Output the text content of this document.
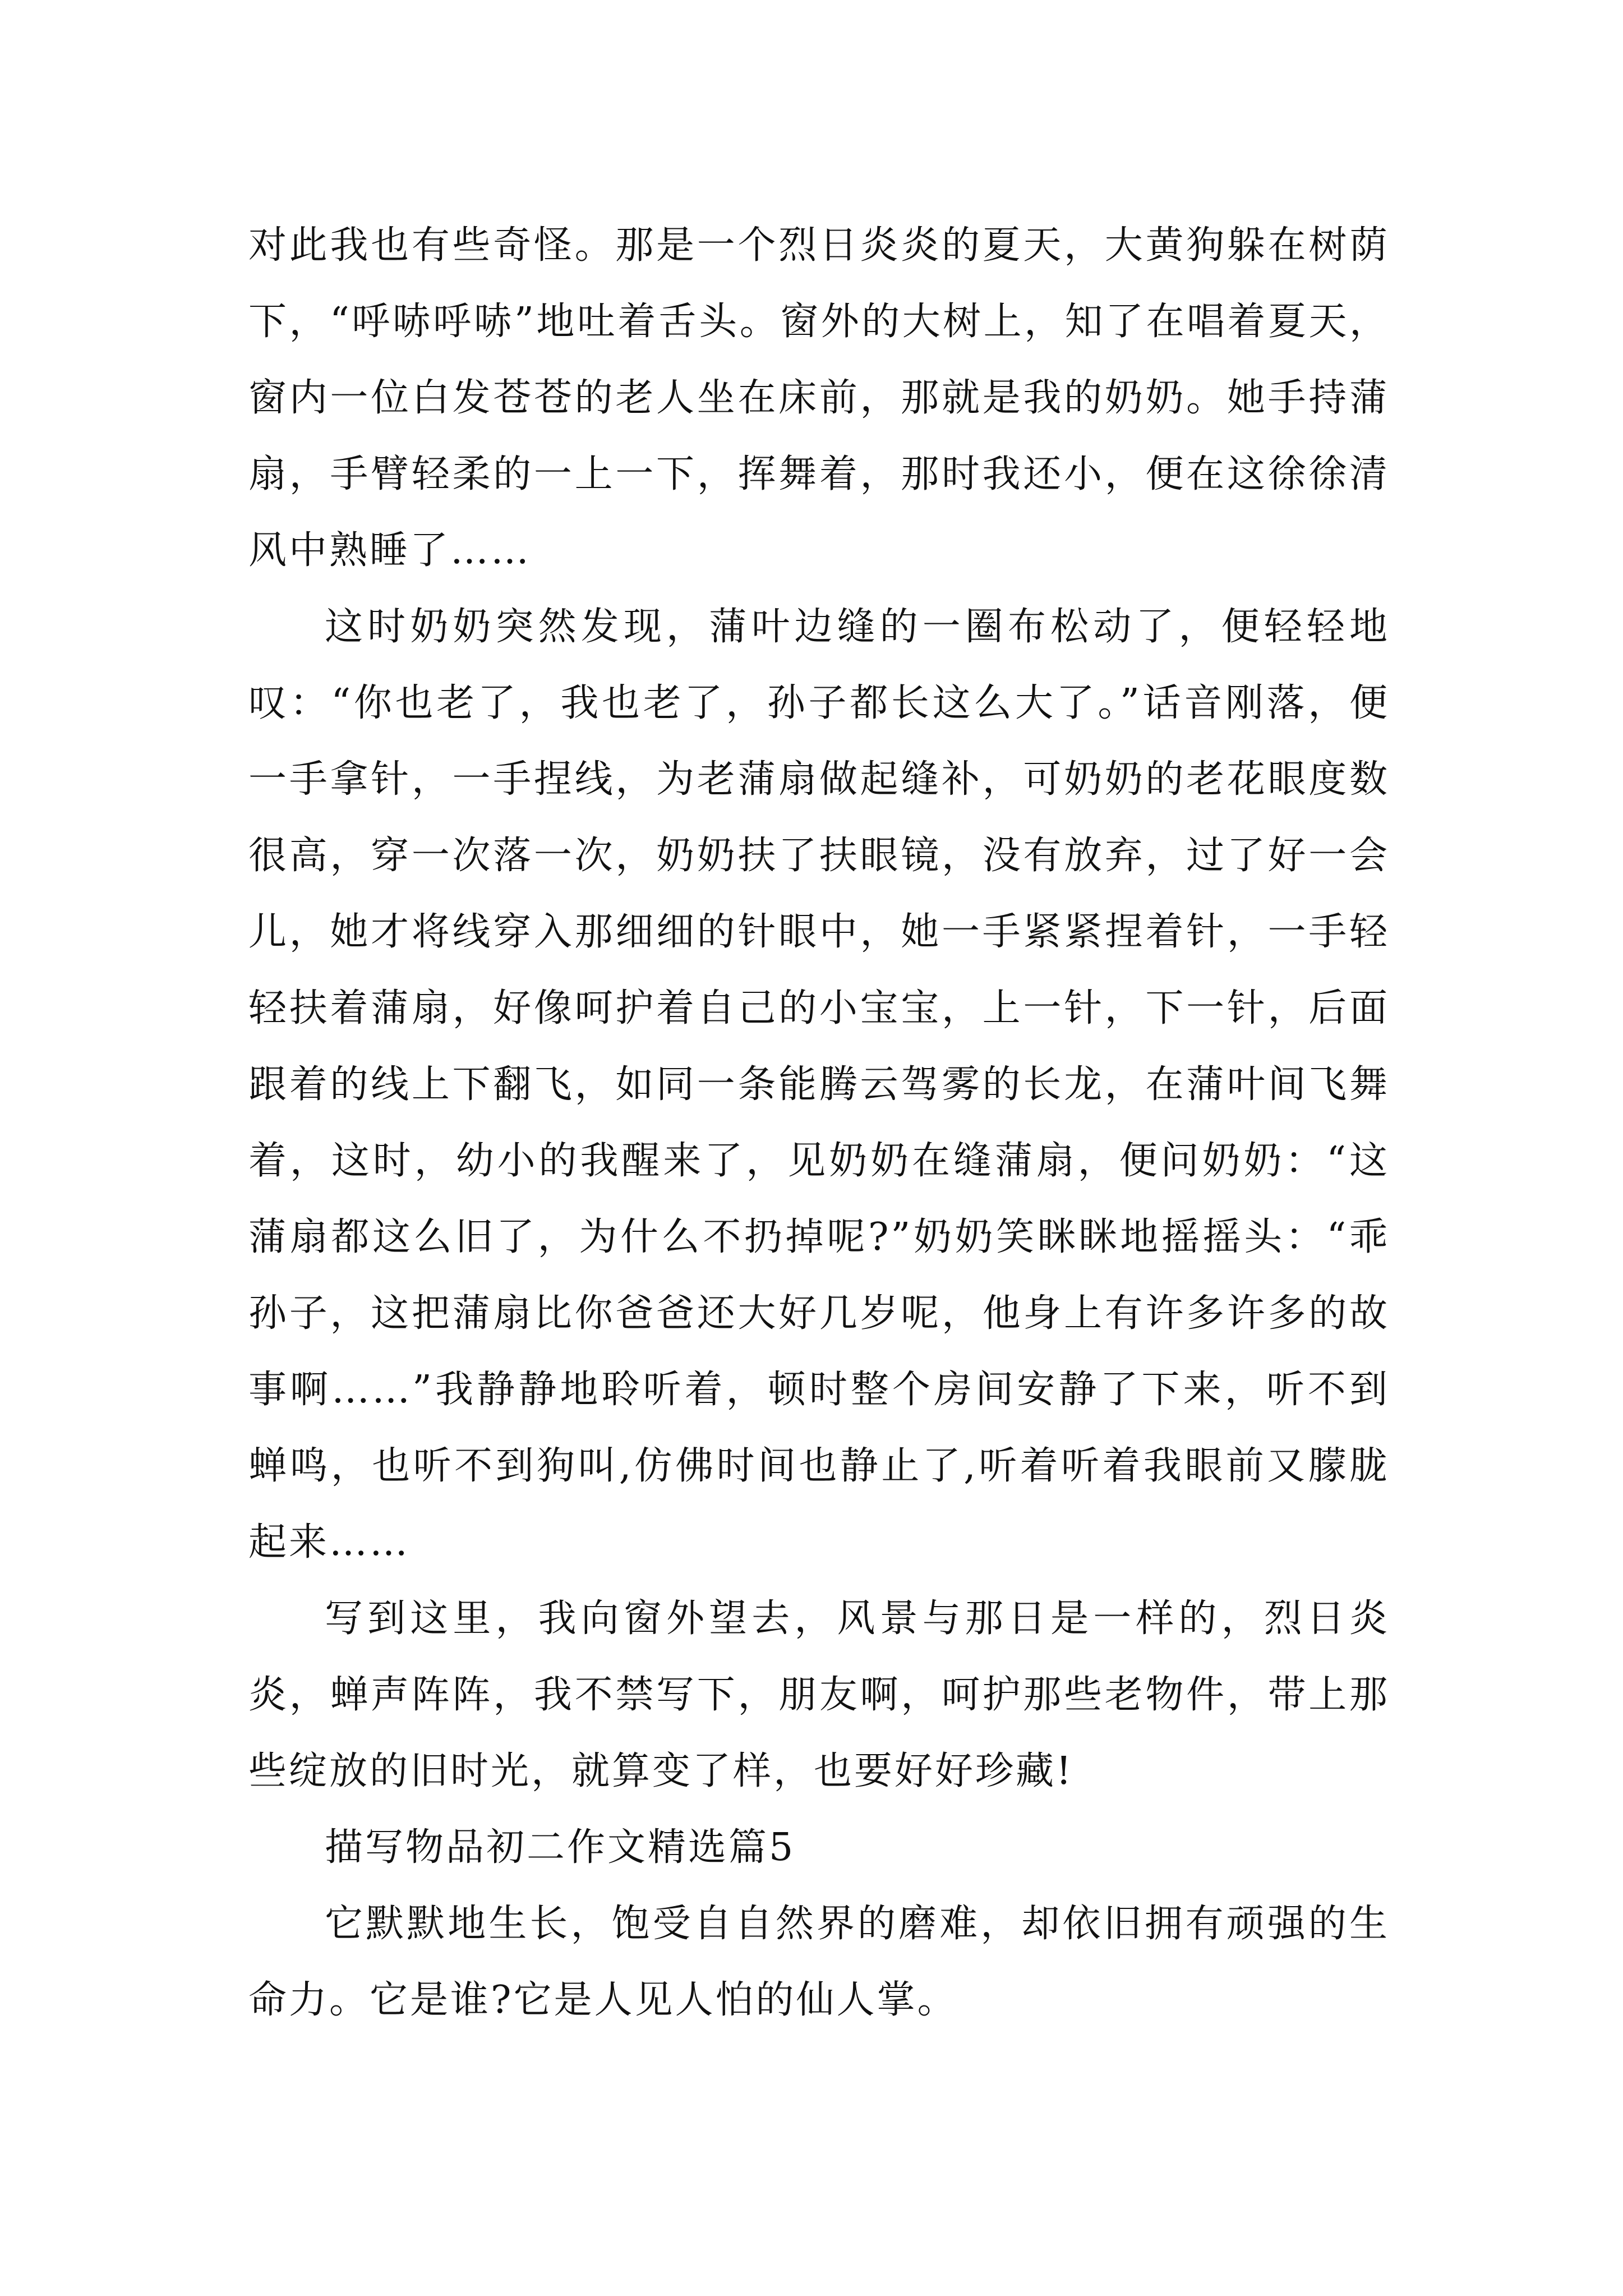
对此我也有些奇怪。那是一个烈日炎炎的夏天，大黄狗躲在树荫下，“呼哧呼哧”地吐着舌头。窗外的大树上，知了在唱着夏天，窗内一位白发苍苍的老人坐在床前，那就是我的奶奶。她手持蒲扇，手臂轻柔的一上一下，挥舞着，那时我还小，便在这徐徐清风中熟睡了……

这时奶奶突然发现，蒲叶边缝的一圈布松动了，便轻轻地叹：“你也老了，我也老了，孙子都长这么大了。”话音刚落，便一手拿针，一手捏线，为老蒲扇做起缝补，可奶奶的老花眼度数很高，穿一次落一次，奶奶扶了扶眼镜，没有放弃，过了好一会儿，她才将线穿入那细细的针眼中，她一手紧紧捏着针，一手轻轻扶着蒲扇，好像呵护着自己的小宝宝，上一针，下一针，后面跟着的线上下翻飞，如同一条能腾云驾雾的长龙，在蒲叶间飞舞着，这时，幼小的我醒来了，见奶奶在缝蒲扇，便问奶奶：“这蒲扇都这么旧了，为什么不扔掉呢?”奶奶笑眯眯地摇摇头：“乖孙子，这把蒲扇比你爸爸还大好几岁呢，他身上有许多许多的故事啊……”我静静地聆听着，顿时整个房间安静了下来，听不到蝉鸣，也听不到狗叫,仿佛时间也静止了,听着听着我眼前又朦胧起来……

写到这里，我向窗外望去，风景与那日是一样的，烈日炎炎，蝉声阵阵，我不禁写下，朋友啊，呵护那些老物件，带上那些绽放的旧时光，就算变了样，也要好好珍藏!

描写物品初二作文精选篇5

它默默地生长，饱受自自然界的磨难，却依旧拥有顽强的生命力。它是谁?它是人见人怕的仙人掌。
